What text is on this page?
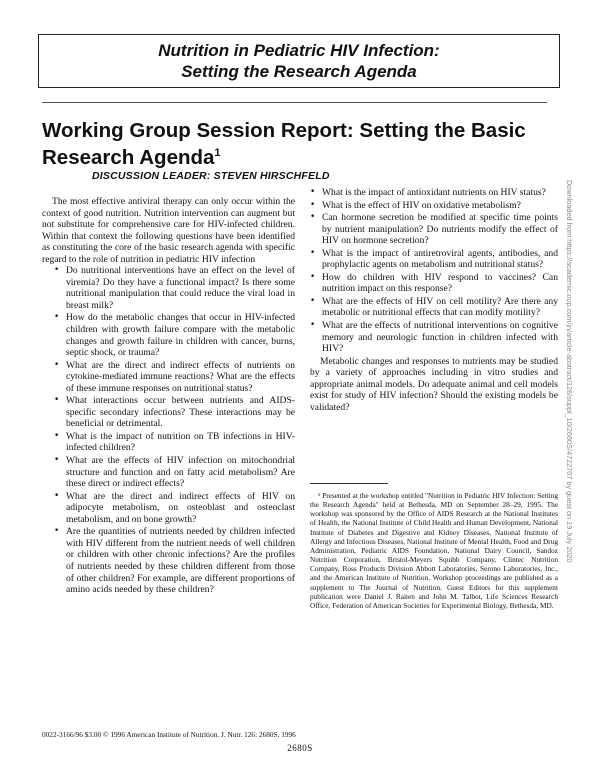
Nutrition in Pediatric HIV Infection:
Setting the Research Agenda
Working Group Session Report: Setting the Basic Research Agenda$^1$
DISCUSSION LEADER: STEVEN HIRSCHFELD

The most effective antiviral therapy can only occur within the context of good nutrition. Nutrition intervention can augment but not substitute for comprehensive care for HIV-infected children. Within that context the following questions have been identified as constituting the core of the basic research agenda with specific regard to the role of nutrition in pediatric HIV infection

• Do nutritional interventions have an effect on the level of viremia? Do they have a functional impact? Is there some nutritional manipulation that could reduce the viral load in breast milk?
• How do the metabolic changes that occur in HIV-infected children with growth failure compare with the metabolic changes and growth failure in children with cancer, burns, septic shock, or trauma?
• What are the direct and indirect effects of nutrients on cytokine-mediated immune reactions? What are the effects of these immune responses on nutritional status?
• What interactions occur between nutrients and AIDS-specific secondary infections? These interactions may be beneficial or detrimental.
• What is the impact of nutrition on TB infections in HIV-infected children?
• What are the effects of HIV infection on mitochondrial structure and function and on fatty acid metabolism? Are these direct or indirect effects?
• What are the direct and indirect effects of HIV on adipocyte metabolism, on osteoblast and osteoclast metabolism, and on bone growth?
• Are the quantities of nutrients needed by children infected with HIV different from the nutrient needs of well children or children with other chronic infections? Are the profiles of nutrients needed by these children different from those of other children? For example, are different proportions of amino acids needed by these children?
• What is the impact of antioxidant nutrients on HIV status?
• What is the effect of HIV on oxidative metabolism?
• Can hormone secretion be modified at specific time points by nutrient manipulation? Do nutrients modify the effect of HIV on hormone secretion?
• What is the impact of antiretroviral agents, antibodies, and prophylactic agents on metabolism and nutritional status?
• How do children with HIV respond to vaccines? Can nutrition impact on this response?
• What are the effects of HIV on cell motility? Are there any metabolic or nutritional effects that can modify motility?
• What are the effects of nutritional interventions on cognitive memory and neurologic function in children infected with HIV?

Metabolic changes and responses to nutrients may be studied by a variety of approaches including in vitro studies and appropriate animal models. Do adequate animal and cell models exist for study of HIV infection? Should the existing models be validated?

¹ Presented at the workshop entitled "Nutrition in Pediatric HIV Infection: Setting the Research Agenda" held at Bethesda, MD on September 28–29, 1995. The workshop was sponsored by the Office of AIDS Research at the National Institutes of Health, the National Institute of Child Health and Human Development, National Institute of Diabetes and Digestive and Kidney Diseases, National Institute of Allergy and Infectious Diseases, National Institute of Mental Health, Food and Drug Administration, Pediatric AIDS Foundation, National Dairy Council, Sandoz Nutrition Corporation, Bristol-Meyers Squibb Company, Clintec Nutrition Company, Ross Products Division Abbott Laboratories, Serono Laboratories, Inc., and the American Institute of Nutrition. Workshop proceedings are published as a supplement to The Journal of Nutrition. Guest Editors for this supplement publication were Daniel J. Raiten and John M. Talbot, Life Sciences Research Office, Federation of American Societies for Experimental Biology, Bethesda, MD.

0022-3166/96 $3.00 © 1996 American Institute of Nutrition. J. Nutr. 126: 2680S, 1996
2680S
Downloaded from https://academic.oup.com/jn/article-abstract/126/suppl_10/2680S/4722707 by guest on 19 July 2020
